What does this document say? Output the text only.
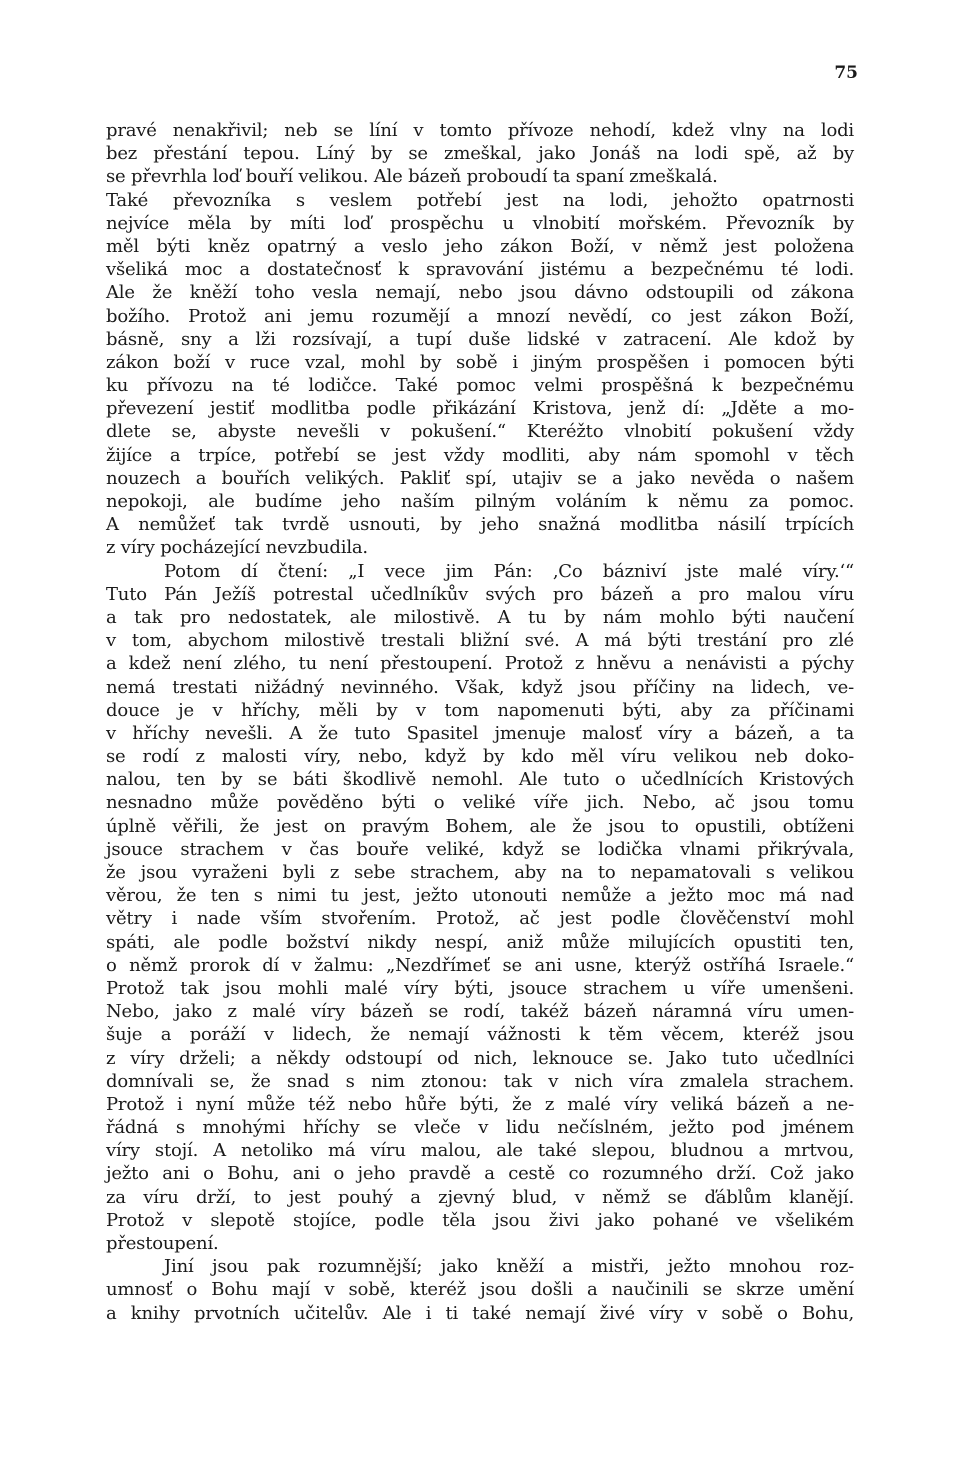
75
pravé nenakřivil; neb se líní v tomto přívoze nehodí, kdež vlny na lodi
bez přestání tepou. Líný by se zmeškal, jako Jonáš na lodi spě, až by
se převrhla loď bouří velikou. Ale bázeň proboudí ta spaní zmeškalá.
Také převozníka s veslem potřebí jest na lodi, jehožto opatrnosti
nejvíce měla by míti loď prospěchu u vlnobití mořském. Převozník by
měl býti kněz opatrný a veslo jeho zákon Boží, v němž jest položena
všeliká moc a dostatečnosť k spravování jistému a bezpečnému té lodi.
Ale že kněží toho vesla nemají, nebo jsou dávno odstoupili od zákona
božího. Protož ani jemu rozumějí a mnozí nevědí, co jest zákon Boží,
básně, sny a lži rozsívají, a tupí duše lidské v zatracení. Ale kdož by
zákon boží v ruce vzal, mohl by sobě i jiným prospěšen i pomocen býti
ku přívozu na té lodičce. Také pomoc velmi prospěšná k bezpečnému
převezení jestiť modlitba podle přikázání Kristova, jenž dí: „Jděte a mo-
dlete se, abyste nevešli v pokušení.“ Kteréžto vlnobití pokušení vždy
žijíce a trpíce, potřebí se jest vždy modliti, aby nám spomohl v těch
nouzech a bouřích velikých. Pakliť spí, utajiv se a jako nevěda o našem
nepokoji, ale budíme jeho naším pilným voláním k němu za pomoc.
A nemůžeť tak tvrdě usnouti, by jeho snažná modlitba násilí trpících
z víry pocházející nevzbudila.
Potom dí čtení: „I vece jim Pán: ‚Co bázniví jste malé víry.‘“
Tuto Pán Ježíš potrestal učedlníkův svých pro bázeň a pro malou víru
a tak pro nedostatek, ale milostivě. A tu by nám mohlo býti naučení
v tom, abychom milostivě trestali bližní své. A má býti trestání pro zlé
a kdež není zlého, tu není přestoupení. Protož z hněvu a nenávisti a pýchy
nemá trestati nižádný nevinného. Však, když jsou příčiny na lidech, ve-
douce je v hříchy, měli by v tom napomenuti býti, aby za příčinami
v hříchy nevešli. A že tuto Spasitel jmenuje malosť víry a bázeň, a ta
se rodí z malosti víry, nebo, když by kdo měl víru velikou neb doko-
nalou, ten by se báti škodlivě nemohl. Ale tuto o učedlnících Kristových
nesnadno může pověděno býti o veliké víře jich. Nebo, ač jsou tomu
úplně věřili, že jest on pravým Bohem, ale že jsou to opustili, obtíženi
jsouce strachem v čas bouře veliké, když se lodička vlnami přikrývala,
že jsou vyraženi byli z sebe strachem, aby na to nepamatovali s velikou
věrou, že ten s nimi tu jest, ježto utonouti nemůže a ježto moc má nad
větry i nade vším stvořením. Protož, ač jest podle člověčenství mohl
spáti, ale podle božství nikdy nespí, aniž může milujících opustiti ten,
o němž prorok dí v žalmu: „Nezdřímeť se ani usne, kterýž ostříhá Israele.“
Protož tak jsou mohli malé víry býti, jsouce strachem u víře umenšeni.
Nebo, jako z malé víry bázeň se rodí, takéž bázeň náramná víru umen-
šuje a poráží v lidech, že nemají vážnosti k těm věcem, kteréž jsou
z víry drželi; a někdy odstoupí od nich, leknouce se. Jako tuto učedlníci
domnívali se, že snad s nim ztonou: tak v nich víra zmalela strachem.
Protož i nyní může též nebo hůře býti, že z malé víry veliká bázeň a ne-
řádná s mnohými hříchy se vleče v lidu nečíslném, ježto pod jménem
víry stojí. A netoliko má víru malou, ale také slepou, bludnou a mrtvou,
ježto ani o Bohu, ani o jeho pravdě a cestě co rozumného drží. Což jako
za víru drží, to jest pouhý a zjevný blud, v němž se ďáblům klanějí.
Protož v slepotě stojíce, podle těla jsou živi jako pohané ve všelikém
přestoupení.
Jiní jsou pak rozumnější; jako kněží a mistři, ježto mnohou roz-
umnosť o Bohu mají v sobě, kteréž jsou došli a naučinili se skrze umění
a knihy prvotních učitelův. Ale i ti také nemají živé víry v sobě o Bohu,
